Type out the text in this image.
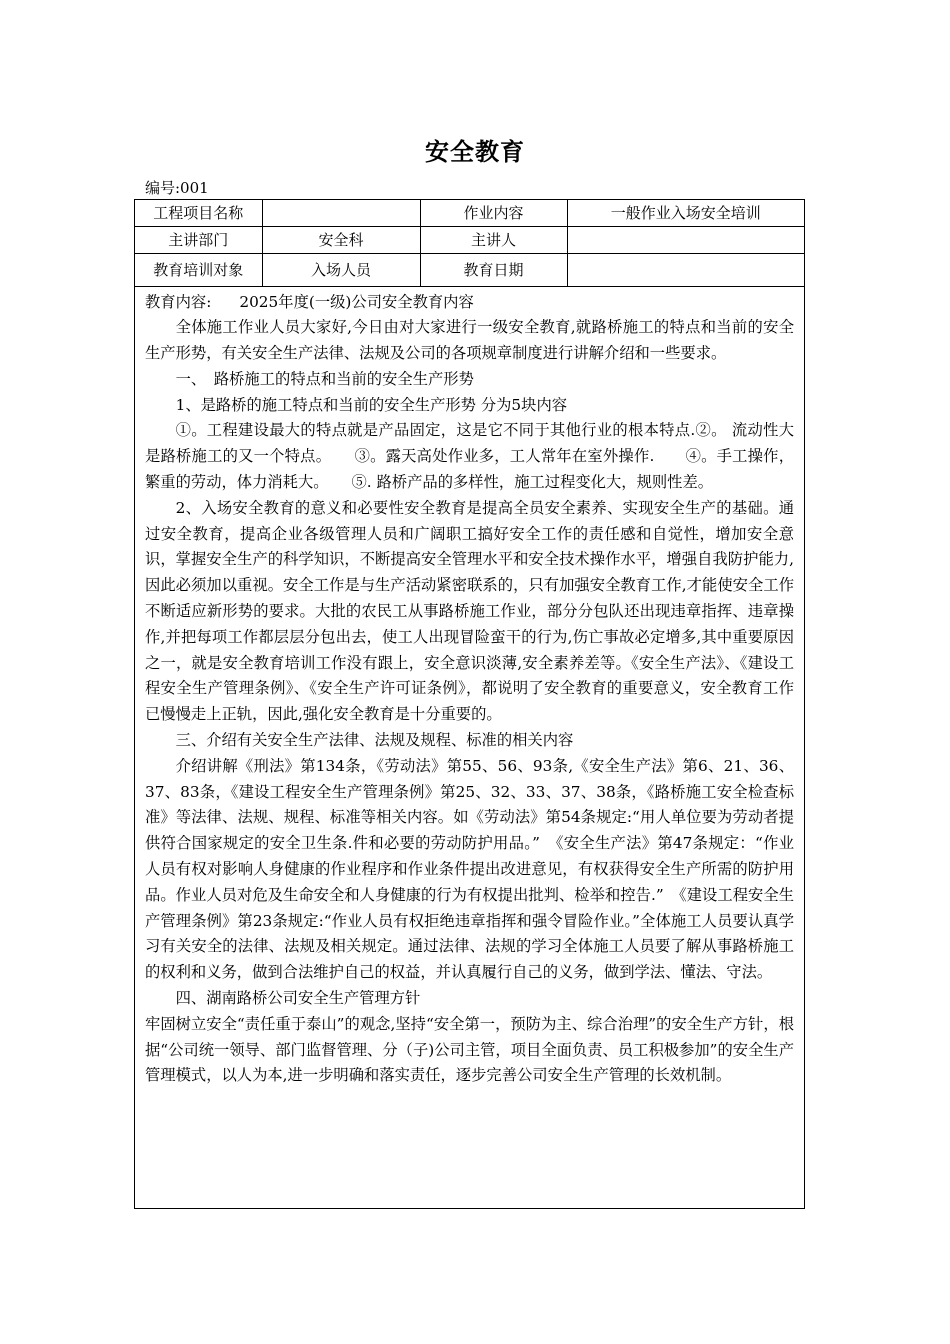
安全教育
编号:001
工程项目名称		作业内容	一般作业入场安全培训
主讲部门	安全科	主讲人	
教育培训对象	入场人员	教育日期	

教育内容: 2025年度(一级)公司安全教育内容

全体施工作业人员大家好,今日由对大家进行一级安全教育,就路桥施工的特点和当前的安全生产形势，有关安全生产法律、法规及公司的各项规章制度进行讲解介绍和一些要求。

一、　路桥施工的特点和当前的安全生产形势

1、是路桥的施工特点和当前的安全生产形势 分为5块内容

①。工程建设最大的特点就是产品固定，这是它不同于其他行业的根本特点.②。 流动性大是路桥施工的又一个特点。　　③。露天高处作业多，工人常年在室外操作.　　④。手工操作，繁重的劳动，体力消耗大。　　⑤. 路桥产品的多样性，施工过程变化大，规则性差。

2、入场安全教育的意义和必要性安全教育是提高全员安全素养、实现安全生产的基础。通过安全教育，提高企业各级管理人员和广阔职工搞好安全工作的责任感和自觉性，增加安全意识，掌握安全生产的科学知识，不断提高安全管理水平和安全技术操作水平，增强自我防护能力,因此必须加以重视。安全工作是与生产活动紧密联系的，只有加强安全教育工作,才能使安全工作不断适应新形势的要求。大批的农民工从事路桥施工作业，部分分包队还出现违章指挥、违章操作,并把每项工作都层层分包出去，使工人出现冒险蛮干的行为,伤亡事故必定增多,其中重要原因之一，就是安全教育培训工作没有跟上，安全意识淡薄,安全素养差等。《安全生产法》、《建设工程安全生产管理条例》、《安全生产许可证条例》，都说明了安全教育的重要意义，安全教育工作已慢慢走上正轨，因此,强化安全教育是十分重要的。

三、介绍有关安全生产法律、法规及规程、标准的相关内容

介绍讲解《刑法》第134条，《劳动法》第55、56、93条,《安全生产法》第6、21、36、37、83条，《建设工程安全生产管理条例》第25、32、33、37、38条，《路桥施工安全检查标准》等法律、法规、规程、标准等相关内容。如《劳动法》第54条规定:“用人单位要为劳动者提供符合国家规定的安全卫生条.件和必要的劳动防护用品。”　《安全生产法》第47条规定：“作业人员有权对影响人身健康的作业程序和作业条件提出改进意见，有权获得安全生产所需的防护用品。作业人员对危及生命安全和人身健康的行为有权提出批判、检举和控告.”　《建设工程安全生产管理条例》第23条规定:“作业人员有权拒绝违章指挥和强令冒险作业。”全体施工人员要认真学习有关安全的法律、法规及相关规定。通过法律、法规的学习全体施工人员要了解从事路桥施工的权利和义务，做到合法维护自己的权益，并认真履行自己的义务，做到学法、懂法、守法。

四、湖南路桥公司安全生产管理方针

牢固树立安全“责任重于泰山”的观念,坚持“安全第一，预防为主、综合治理”的安全生产方针，根据“公司统一领导、部门监督管理、分（子)公司主管，项目全面负责、员工积极参加”的安全生产管理模式，以人为本,进一步明确和落实责任，逐步完善公司安全生产管理的长效机制。
